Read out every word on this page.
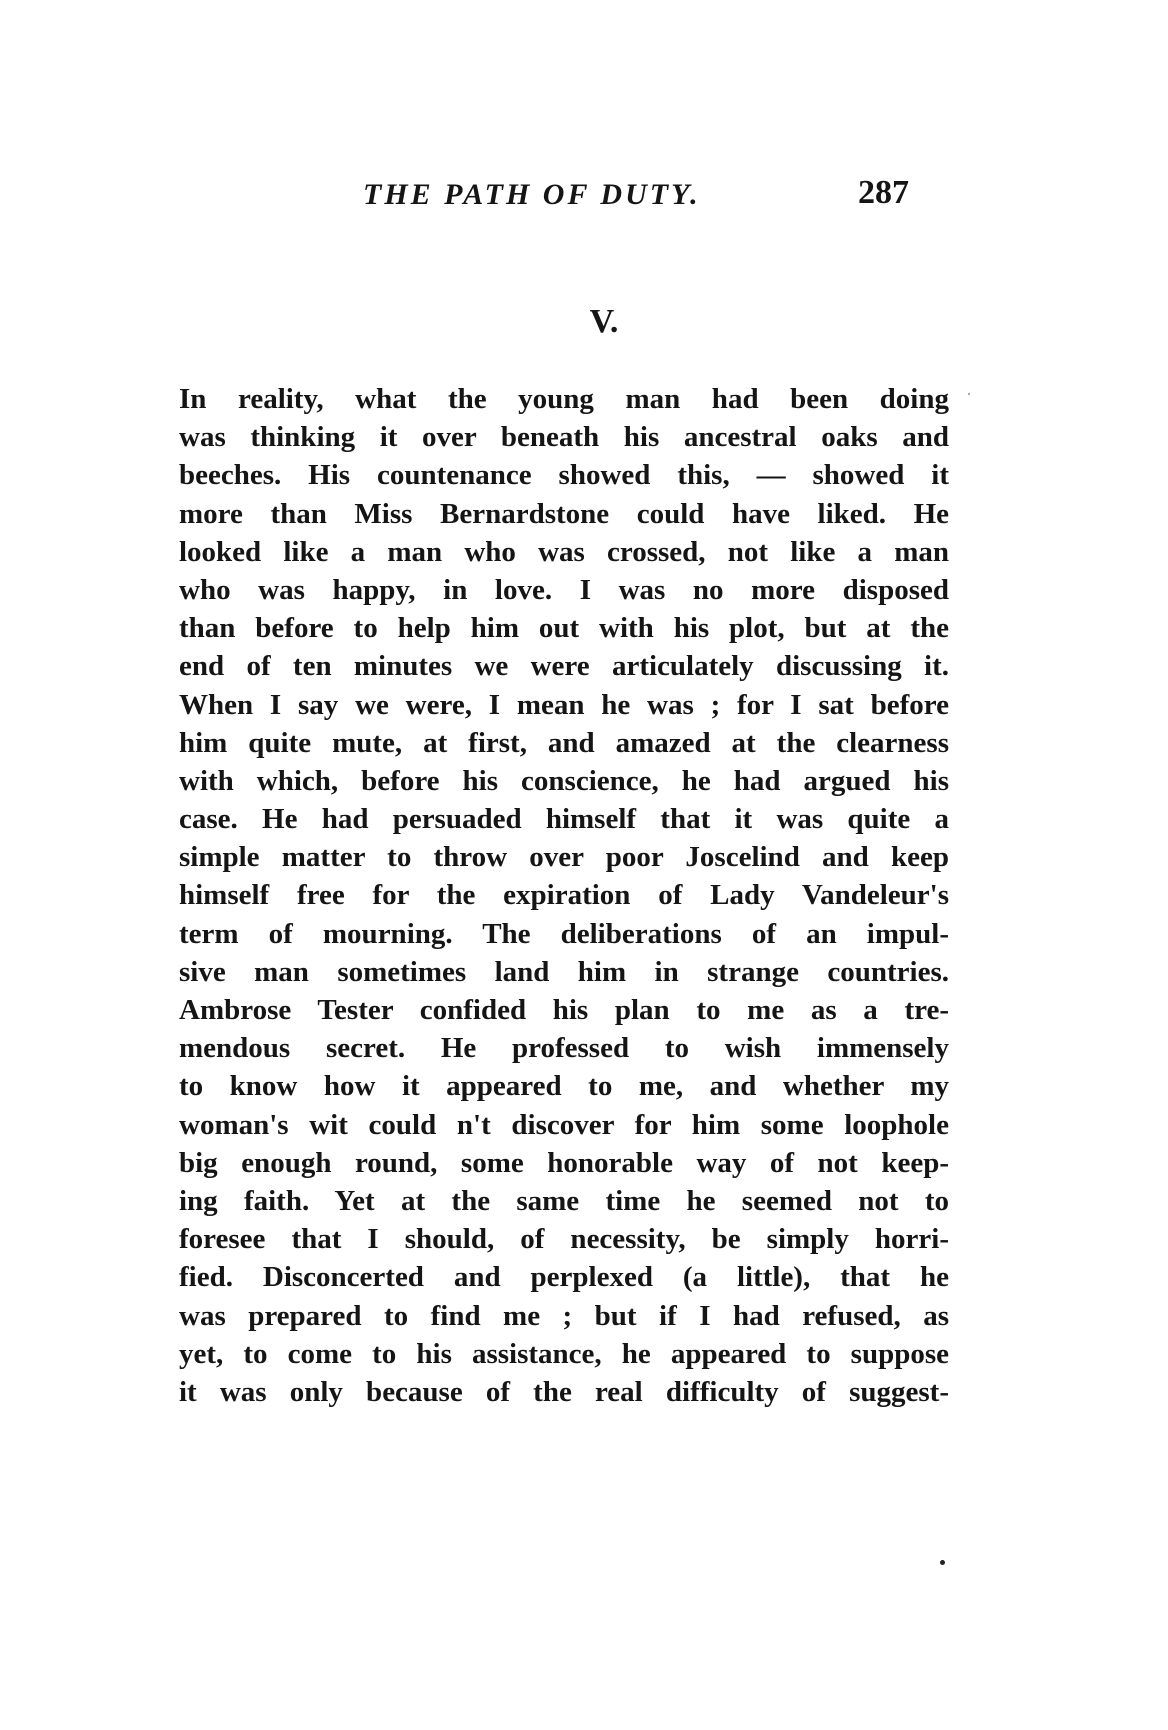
THE PATH OF DUTY.	287
V.
In reality, what the young man had been doing
was thinking it over beneath his ancestral oaks and
beeches. His countenance showed this, — showed it
more than Miss Bernardstone could have liked. He
looked like a man who was crossed, not like a man
who was happy, in love. I was no more disposed
than before to help him out with his plot, but at the
end of ten minutes we were articulately discussing it.
When I say we were, I mean he was ; for I sat before
him quite mute, at first, and amazed at the clearness
with which, before his conscience, he had argued his
case. He had persuaded himself that it was quite a
simple matter to throw over poor Joscelind and keep
himself free for the expiration of Lady Vandeleur's
term of mourning. The deliberations of an impul-
sive man sometimes land him in strange countries.
Ambrose Tester confided his plan to me as a tre-
mendous secret. He professed to wish immensely
to know how it appeared to me, and whether my
woman's wit could n't discover for him some loophole
big enough round, some honorable way of not keep-
ing faith. Yet at the same time he seemed not to
foresee that I should, of necessity, be simply horri-
fied. Disconcerted and perplexed (a little), that he
was prepared to find me ; but if I had refused, as
yet, to come to his assistance, he appeared to suppose
it was only because of the real difficulty of suggest-
